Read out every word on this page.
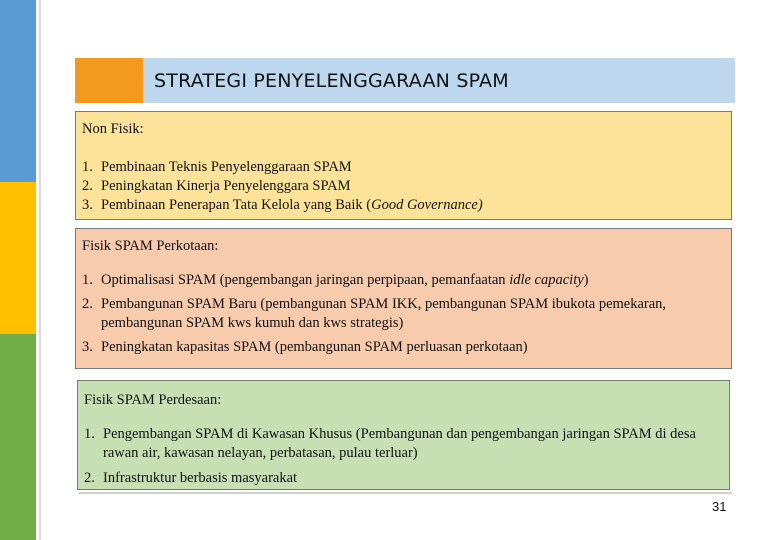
STRATEGI PENYELENGGARAAN SPAM
Non Fisik:
1. Pembinaan Teknis Penyelenggaraan SPAM
2. Peningkatan Kinerja Penyelenggara SPAM
3. Pembinaan Penerapan Tata Kelola yang Baik (Good Governance)
Fisik SPAM Perkotaan:
1. Optimalisasi SPAM (pengembangan jaringan perpipaan, pemanfaatan idle capacity)
2. Pembangunan SPAM Baru (pembangunan SPAM IKK, pembangunan SPAM ibukota pemekaran, pembangunan SPAM kws kumuh dan kws strategis)
3. Peningkatan kapasitas SPAM (pembangunan SPAM perluasan perkotaan)
Fisik SPAM Perdesaan:
1. Pengembangan SPAM di Kawasan Khusus (Pembangunan dan pengembangan jaringan SPAM di desa rawan air, kawasan nelayan, perbatasan, pulau terluar)
2. Infrastruktur berbasis masyarakat
31
